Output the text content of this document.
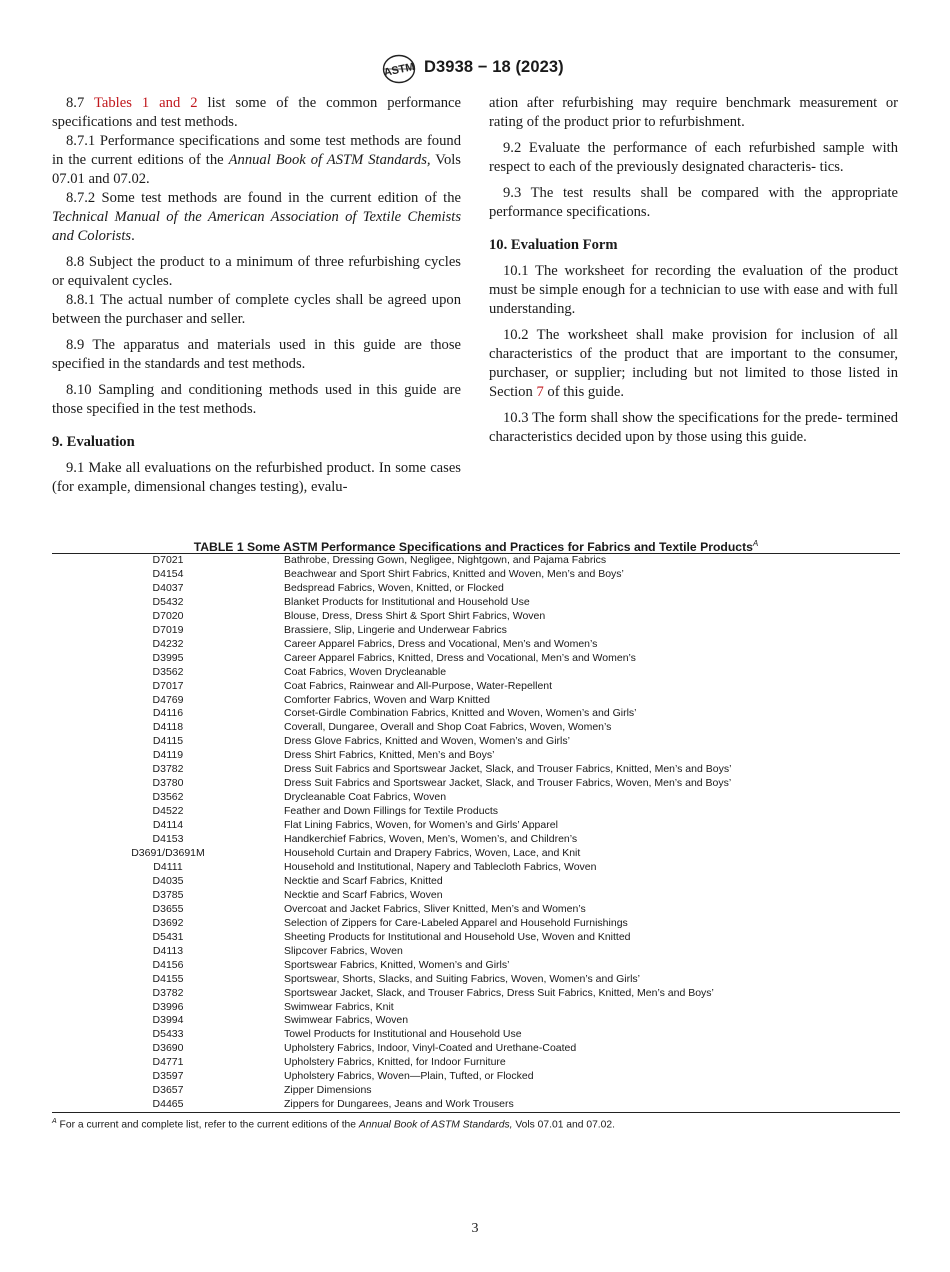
ASTM D3938 − 18 (2023)

8.7 Tables 1 and 2 list some of the common performance specifications and test methods.

8.7.1 Performance specifications and some test methods are found in the current editions of the Annual Book of ASTM Standards, Vols 07.01 and 07.02.

8.7.2 Some test methods are found in the current edition of the Technical Manual of the American Association of Textile Chemists and Colorists.

8.8 Subject the product to a minimum of three refurbishing cycles or equivalent cycles.

8.8.1 The actual number of complete cycles shall be agreed upon between the purchaser and seller.

8.9 The apparatus and materials used in this guide are those specified in the standards and test methods.

8.10 Sampling and conditioning methods used in this guide are those specified in the test methods.

9. Evaluation

9.1 Make all evaluations on the refurbished product. In some cases (for example, dimensional changes testing), evalu-

ation after refurbishing may require benchmark measurement or rating of the product prior to refurbishment.

9.2 Evaluate the performance of each refurbished sample with respect to each of the previously designated characteris- tics.

9.3 The test results shall be compared with the appropriate performance specifications.

10. Evaluation Form

10.1 The worksheet for recording the evaluation of the product must be simple enough for a technician to use with ease and with full understanding.

10.2 The worksheet shall make provision for inclusion of all characteristics of the product that are important to the consumer, purchaser, or supplier; including but not limited to those listed in Section 7 of this guide.

10.3 The form shall show the specifications for the prede- termined characteristics decided upon by those using this guide.

TABLE 1 Some ASTM Performance Specifications and Practices for Fabrics and Textile Products$^A$
D7021	Bathrobe, Dressing Gown, Negligee, Nightgown, and Pajama Fabrics
D4154	Beachwear and Sport Shirt Fabrics, Knitted and Woven, Men’s and Boys’
D4037	Bedspread Fabrics, Woven, Knitted, or Flocked
D5432	Blanket Products for Institutional and Household Use
D7020	Blouse, Dress, Dress Shirt & Sport Shirt Fabrics, Woven
D7019	Brassiere, Slip, Lingerie and Underwear Fabrics
D4232	Career Apparel Fabrics, Dress and Vocational, Men’s and Women’s
D3995	Career Apparel Fabrics, Knitted, Dress and Vocational, Men’s and Women’s
D3562	Coat Fabrics, Woven Drycleanable
D7017	Coat Fabrics, Rainwear and All-Purpose, Water-Repellent
D4769	Comforter Fabrics, Woven and Warp Knitted
D4116	Corset-Girdle Combination Fabrics, Knitted and Woven, Women’s and Girls’
D4118	Coverall, Dungaree, Overall and Shop Coat Fabrics, Woven, Women’s
D4115	Dress Glove Fabrics, Knitted and Woven, Women’s and Girls’
D4119	Dress Shirt Fabrics, Knitted, Men’s and Boys’
D3782	Dress Suit Fabrics and Sportswear Jacket, Slack, and Trouser Fabrics, Knitted, Men’s and Boys’
D3780	Dress Suit Fabrics and Sportswear Jacket, Slack, and Trouser Fabrics, Woven, Men’s and Boys’
D3562	Drycleanable Coat Fabrics, Woven
D4522	Feather and Down Fillings for Textile Products
D4114	Flat Lining Fabrics, Woven, for Women’s and Girls’ Apparel
D4153	Handkerchief Fabrics, Woven, Men’s, Women’s, and Children’s
D3691/D3691M	Household Curtain and Drapery Fabrics, Woven, Lace, and Knit
D4111	Household and Institutional, Napery and Tablecloth Fabrics, Woven
D4035	Necktie and Scarf Fabrics, Knitted
D3785	Necktie and Scarf Fabrics, Woven
D3655	Overcoat and Jacket Fabrics, Sliver Knitted, Men’s and Women’s
D3692	Selection of Zippers for Care-Labeled Apparel and Household Furnishings
D5431	Sheeting Products for Institutional and Household Use, Woven and Knitted
D4113	Slipcover Fabrics, Woven
D4156	Sportswear Fabrics, Knitted, Women’s and Girls’
D4155	Sportswear, Shorts, Slacks, and Suiting Fabrics, Woven, Women’s and Girls’
D3782	Sportswear Jacket, Slack, and Trouser Fabrics, Dress Suit Fabrics, Knitted, Men’s and Boys’
D3996	Swimwear Fabrics, Knit
D3994	Swimwear Fabrics, Woven
D5433	Towel Products for Institutional and Household Use
D3690	Upholstery Fabrics, Indoor, Vinyl-Coated and Urethane-Coated
D4771	Upholstery Fabrics, Knitted, for Indoor Furniture
D3597	Upholstery Fabrics, Woven—Plain, Tufted, or Flocked
D3657	Zipper Dimensions
D4465	Zippers for Dungarees, Jeans and Work Trousers
$^A$ For a current and complete list, refer to the current editions of the Annual Book of ASTM Standards, Vols 07.01 and 07.02.
3
